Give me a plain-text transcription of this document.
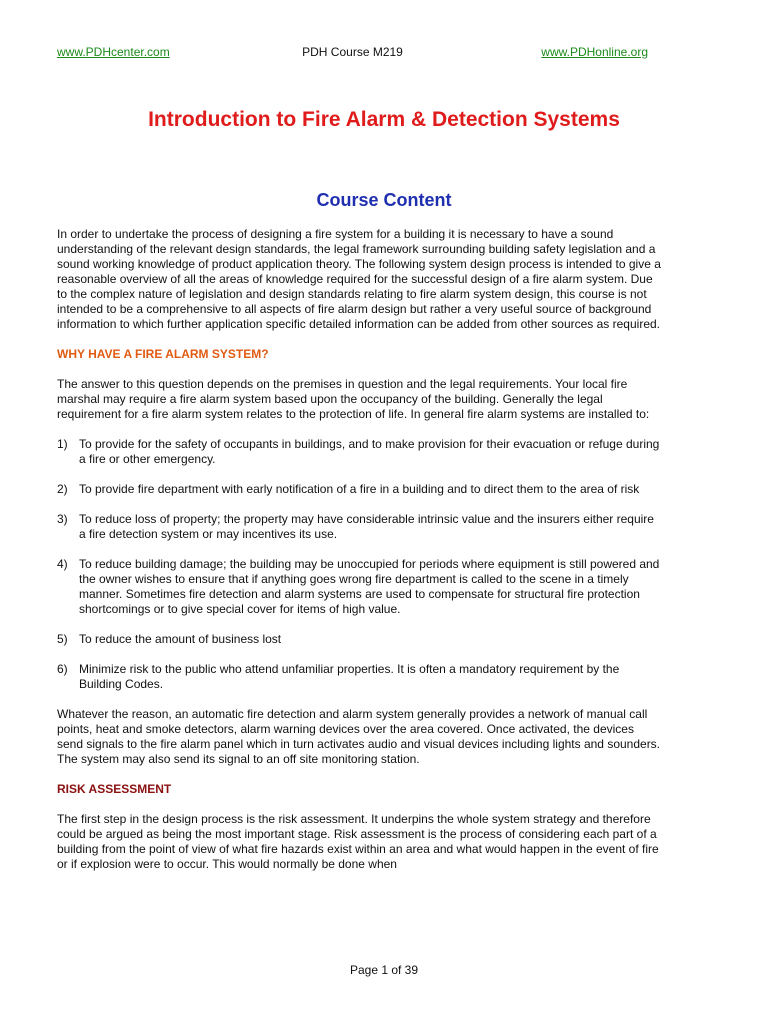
www.PDHcenter.com	PDH Course M219	www.PDHonline.org
Introduction to Fire Alarm & Detection Systems
Course Content

In order to undertake the process of designing a fire system for a building it is necessary to have a sound understanding of the relevant design standards, the legal framework surrounding building safety legislation and a sound working knowledge of product application theory. The following system design process is intended to give a reasonable overview of all the areas of knowledge required for the successful design of a fire alarm system. Due to the complex nature of legislation and design standards relating to fire alarm system design, this course is not intended to be a comprehensive to all aspects of fire alarm design but rather a very useful source of background information to which further application specific detailed information can be added from other sources as required.

WHY HAVE A FIRE ALARM SYSTEM?

The answer to this question depends on the premises in question and the legal requirements. Your local fire marshal may require a fire alarm system based upon the occupancy of the building. Generally the legal requirement for a fire alarm system relates to the protection of life. In general fire alarm systems are installed to:

1) To provide for the safety of occupants in buildings, and to make provision for their evacuation or refuge during a fire or other emergency.
2) To provide fire department with early notification of a fire in a building and to direct them to the area of risk
3) To reduce loss of property; the property may have considerable intrinsic value and the insurers either require a fire detection system or may incentives its use.
4) To reduce building damage; the building may be unoccupied for periods where equipment is still powered and the owner wishes to ensure that if anything goes wrong fire department is called to the scene in a timely manner. Sometimes fire detection and alarm systems are used to compensate for structural fire protection shortcomings or to give special cover for items of high value.
5) To reduce the amount of business lost
6) Minimize risk to the public who attend unfamiliar properties. It is often a mandatory requirement by the Building Codes.

Whatever the reason, an automatic fire detection and alarm system generally provides a network of manual call points, heat and smoke detectors, alarm warning devices over the area covered. Once activated, the devices send signals to the fire alarm panel which in turn activates audio and visual devices including lights and sounders. The system may also send its signal to an off site monitoring station.

RISK ASSESSMENT

The first step in the design process is the risk assessment. It underpins the whole system strategy and therefore could be argued as being the most important stage. Risk assessment is the process of considering each part of a building from the point of view of what fire hazards exist within an area and what would happen in the event of fire or if explosion were to occur. This would normally be done when

Page 1 of 39
